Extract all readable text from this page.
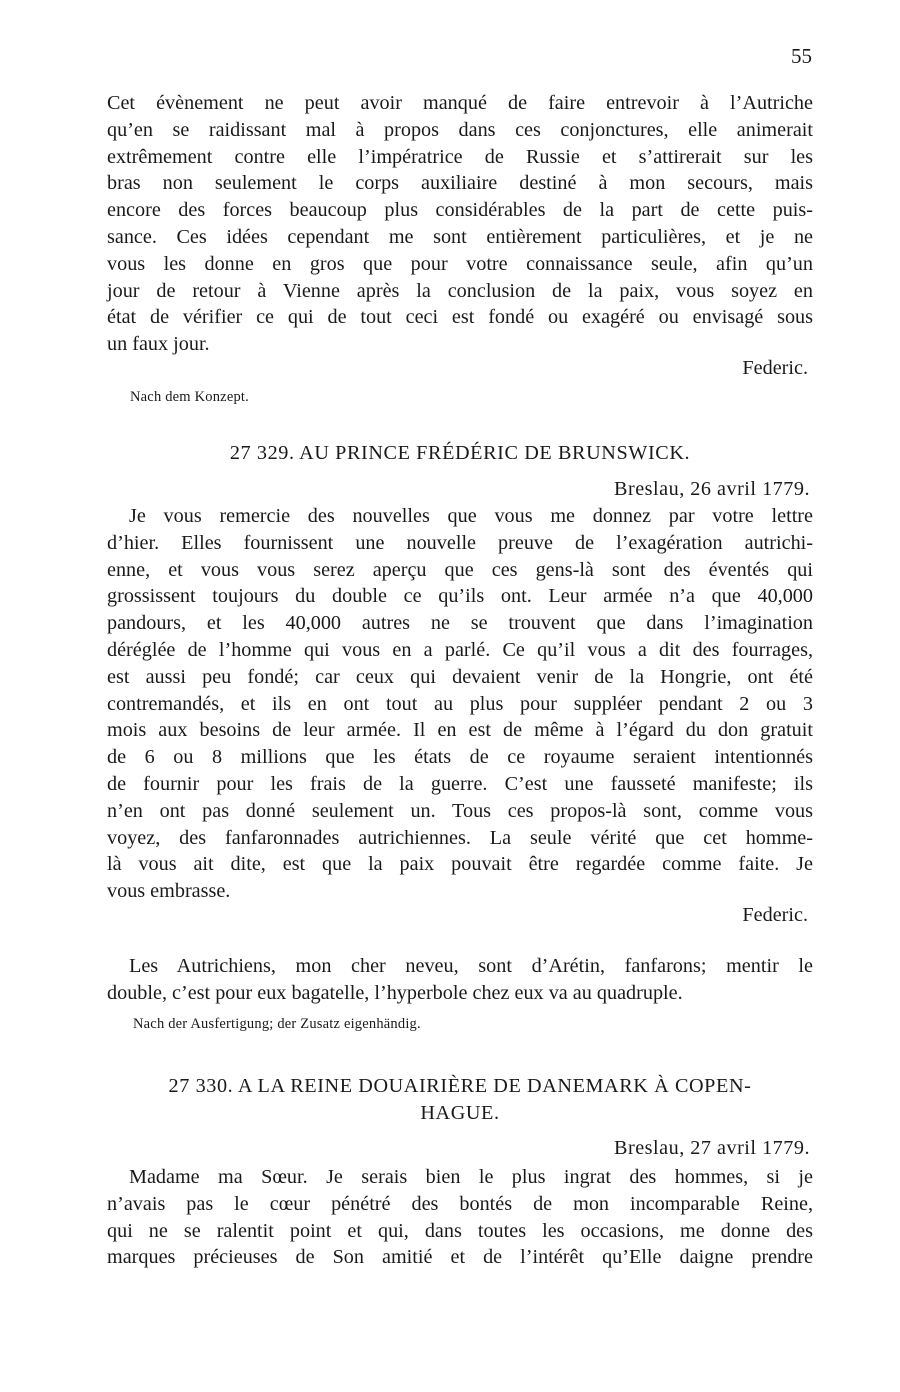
55
Cet évènement ne peut avoir manqué de faire entrevoir à l’Autriche
qu’en se raidissant mal à propos dans ces conjonctures, elle animerait
extrêmement contre elle l’impératrice de Russie et s’attirerait sur les
bras non seulement le corps auxiliaire destiné à mon secours, mais
encore des forces beaucoup plus considérables de la part de cette puis-
sance. Ces idées cependant me sont entièrement particulières, et je ne
vous les donne en gros que pour votre connaissance seule, afin qu’un
jour de retour à Vienne après la conclusion de la paix, vous soyez en
état de vérifier ce qui de tout ceci est fondé ou exagéré ou envisagé sous
un faux jour.
Federic.
Nach dem Konzept.
27 329. AU PRINCE FRÉDÉRIC DE BRUNSWICK.
Breslau, 26 avril 1779.
Je vous remercie des nouvelles que vous me donnez par votre lettre
d’hier. Elles fournissent une nouvelle preuve de l’exagération autrichi-
enne, et vous vous serez aperçu que ces gens-là sont des éventés qui
grossissent toujours du double ce qu’ils ont. Leur armée n’a que 40,000
pandours, et les 40,000 autres ne se trouvent que dans l’imagination
déréglée de l’homme qui vous en a parlé. Ce qu’il vous a dit des fourrages,
est aussi peu fondé; car ceux qui devaient venir de la Hongrie, ont été
contremandés, et ils en ont tout au plus pour suppléer pendant 2 ou 3
mois aux besoins de leur armée. Il en est de même à l’égard du don gratuit
de 6 ou 8 millions que les états de ce royaume seraient intentionnés
de fournir pour les frais de la guerre. C’est une fausseté manifeste; ils
n’en ont pas donné seulement un. Tous ces propos-là sont, comme vous
voyez, des fanfaronnades autrichiennes. La seule vérité que cet homme-
là vous ait dite, est que la paix pouvait être regardée comme faite. Je
vous embrasse.
Federic.
Les Autrichiens, mon cher neveu, sont d’Arétin, fanfarons; mentir le
double, c’est pour eux bagatelle, l’hyperbole chez eux va au quadruple.
Nach der Ausfertigung; der Zusatz eigenhändig.
27 330. A LA REINE DOUAIRIÈRE DE DANEMARK À COPEN-
HAGUE.
Breslau, 27 avril 1779.
Madame ma Sœur. Je serais bien le plus ingrat des hommes, si je
n’avais pas le cœur pénétré des bontés de mon incomparable Reine,
qui ne se ralentit point et qui, dans toutes les occasions, me donne des
marques précieuses de Son amitié et de l’intérêt qu’Elle daigne prendre
